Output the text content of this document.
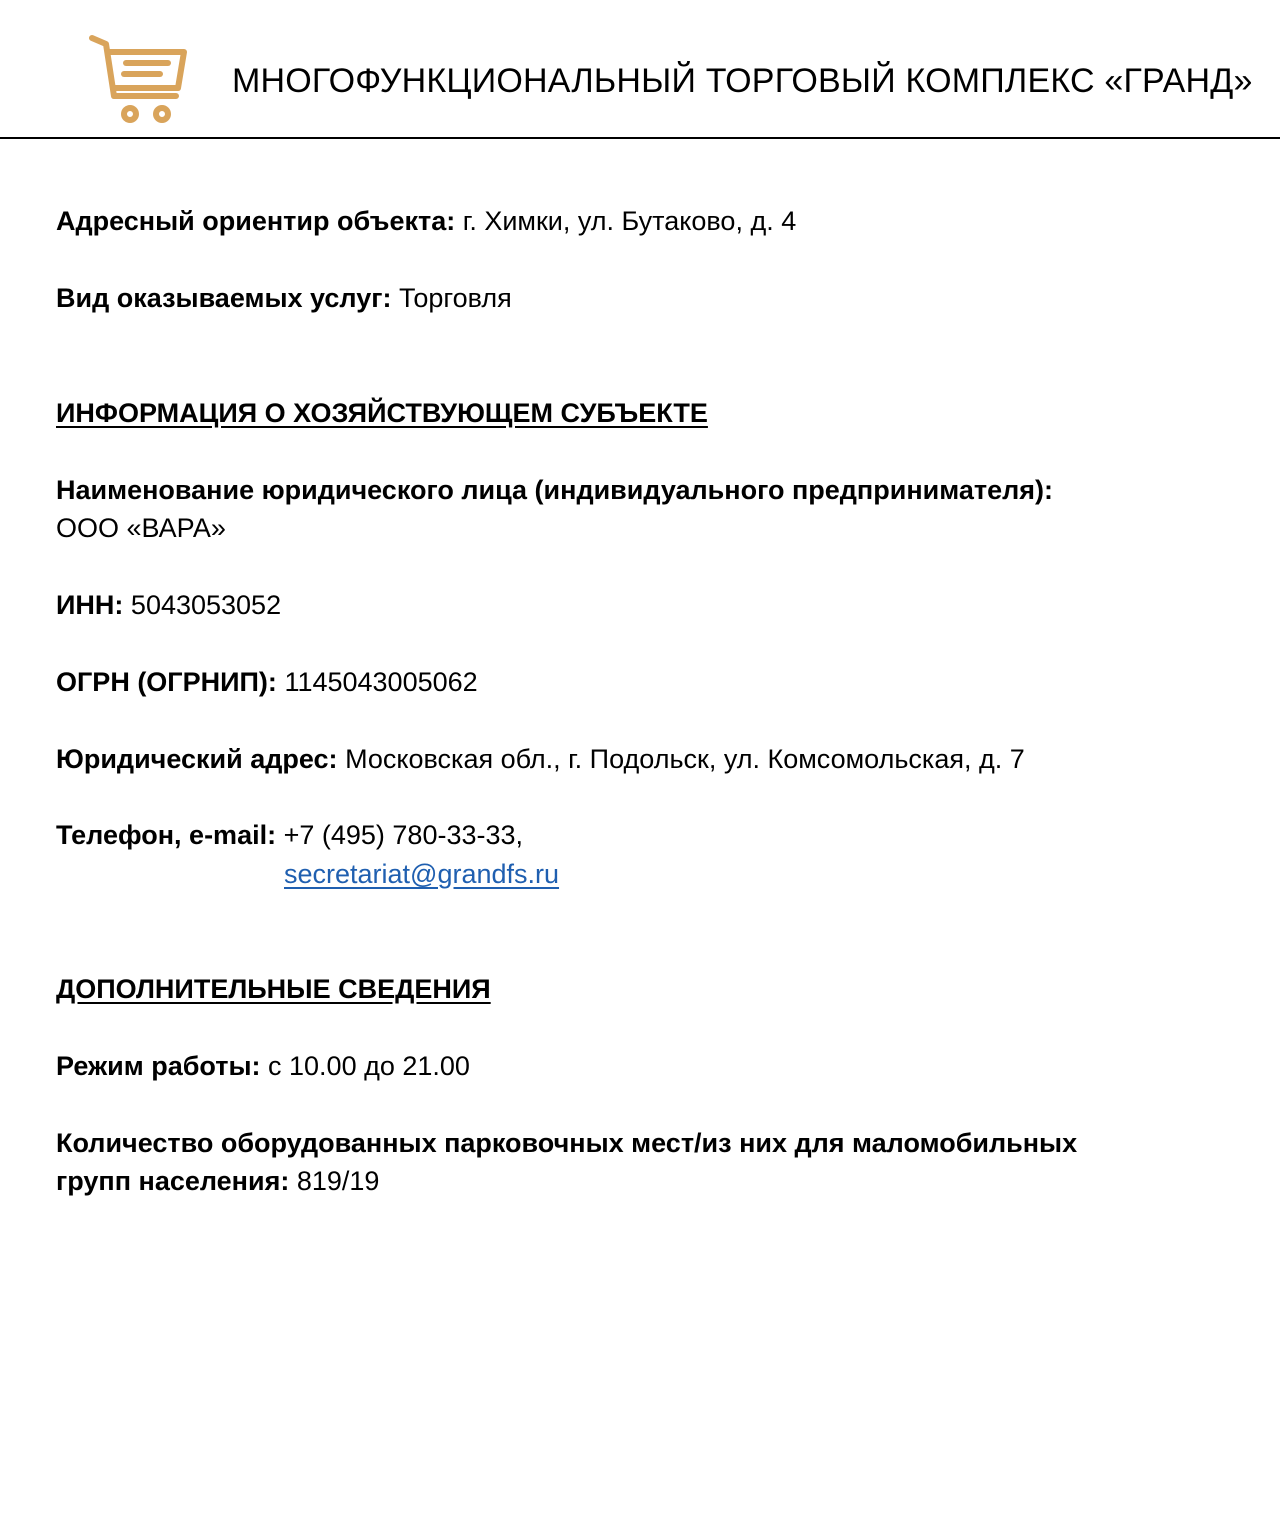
МНОГОФУНКЦИОНАЛЬНЫЙ ТОРГОВЫЙ КОМПЛЕКС «ГРАНД»
Адресный ориентир объекта: г. Химки, ул. Бутаково, д. 4
Вид оказываемых услуг: Торговля
ИНФОРМАЦИЯ О ХОЗЯЙСТВУЮЩЕМ СУБЪЕКТЕ
Наименование юридического лица (индивидуального предпринимателя):
ООО «ВАРА»
ИНН: 5043053052
ОГРН (ОГРНИП): 1145043005062
Юридический адрес: Московская обл., г. Подольск, ул. Комсомольская, д. 7
Телефон, e-mail: +7 (495) 780-33-33,
secretariat@grandfs.ru
ДОПОЛНИТЕЛЬНЫЕ СВЕДЕНИЯ
Режим работы: с 10.00 до 21.00
Количество оборудованных парковочных мест/из них для маломобильных
групп населения: 819/19
